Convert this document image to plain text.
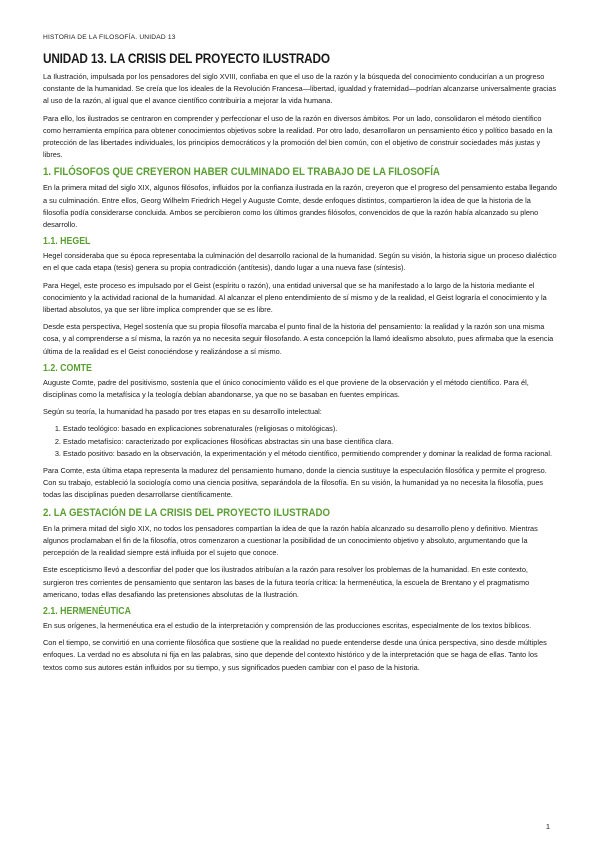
HISTORIA DE LA FILOSOFÍA. UNIDAD 13
UNIDAD 13. LA CRISIS DEL PROYECTO ILUSTRADO

La Ilustración, impulsada por los pensadores del siglo XVIII, confiaba en que el uso de la razón y la búsqueda del conocimiento conducirían a un progreso constante de la humanidad. Se creía que los ideales de la Revolución Francesa—libertad, igualdad y fraternidad—podrían alcanzarse universalmente gracias al uso de la razón, al igual que el avance científico contribuiría a mejorar la vida humana.

Para ello, los ilustrados se centraron en comprender y perfeccionar el uso de la razón en diversos ámbitos. Por un lado, consolidaron el método científico como herramienta empírica para obtener conocimientos objetivos sobre la realidad. Por otro lado, desarrollaron un pensamiento ético y político basado en la protección de las libertades individuales, los principios democráticos y la promoción del bien común, con el objetivo de construir sociedades más justas y libres.

1. FILÓSOFOS QUE CREYERON HABER CULMINADO EL TRABAJO DE LA FILOSOFÍA

En la primera mitad del siglo XIX, algunos filósofos, influidos por la confianza ilustrada en la razón, creyeron que el progreso del pensamiento estaba llegando a su culminación. Entre ellos, Georg Wilhelm Friedrich Hegel y Auguste Comte, desde enfoques distintos, compartieron la idea de que la historia de la filosofía podía considerarse concluida. Ambos se percibieron como los últimos grandes filósofos, convencidos de que la razón había alcanzado su pleno desarrollo.

1.1. HEGEL

Hegel consideraba que su época representaba la culminación del desarrollo racional de la humanidad. Según su visión, la historia sigue un proceso dialéctico en el que cada etapa (tesis) genera su propia contradicción (antítesis), dando lugar a una nueva fase (síntesis).

Para Hegel, este proceso es impulsado por el Geist (espíritu o razón), una entidad universal que se ha manifestado a lo largo de la historia mediante el conocimiento y la actividad racional de la humanidad. Al alcanzar el pleno entendimiento de sí mismo y de la realidad, el Geist lograría el conocimiento y la libertad absolutos, ya que ser libre implica comprender que se es libre.

Desde esta perspectiva, Hegel sostenía que su propia filosofía marcaba el punto final de la historia del pensamiento: la realidad y la razón son una misma cosa, y al comprenderse a sí misma, la razón ya no necesita seguir filosofando. A esta concepción la llamó idealismo absoluto, pues afirmaba que la esencia última de la realidad es el Geist conociéndose y realizándose a sí mismo.

1.2. COMTE

Auguste Comte, padre del positivismo, sostenía que el único conocimiento válido es el que proviene de la observación y el método científico. Para él, disciplinas como la metafísica y la teología debían abandonarse, ya que no se basaban en fuentes empíricas.

Según su teoría, la humanidad ha pasado por tres etapas en su desarrollo intelectual:

1. Estado teológico: basado en explicaciones sobrenaturales (religiosas o mitológicas).
2. Estado metafísico: caracterizado por explicaciones filosóficas abstractas sin una base científica clara.
3. Estado positivo: basado en la observación, la experimentación y el método científico, permitiendo comprender y dominar la realidad de forma racional.

Para Comte, esta última etapa representa la madurez del pensamiento humano, donde la ciencia sustituye la especulación filosófica y permite el progreso. Con su trabajo, estableció la sociología como una ciencia positiva, separándola de la filosofía. En su visión, la humanidad ya no necesita la filosofía, pues todas las disciplinas pueden desarrollarse científicamente.

2. LA GESTACIÓN DE LA CRISIS DEL PROYECTO ILUSTRADO

En la primera mitad del siglo XIX, no todos los pensadores compartían la idea de que la razón había alcanzado su desarrollo pleno y definitivo. Mientras algunos proclamaban el fin de la filosofía, otros comenzaron a cuestionar la posibilidad de un conocimiento objetivo y absoluto, argumentando que la percepción de la realidad siempre está influida por el sujeto que conoce.

Este escepticismo llevó a desconfiar del poder que los ilustrados atribuían a la razón para resolver los problemas de la humanidad. En este contexto, surgieron tres corrientes de pensamiento que sentaron las bases de la futura teoría crítica: la hermenéutica, la escuela de Brentano y el pragmatismo americano, todas ellas desafiando las pretensiones absolutas de la Ilustración.

2.1. HERMENÉUTICA

En sus orígenes, la hermenéutica era el estudio de la interpretación y comprensión de las producciones escritas, especialmente de los textos bíblicos.

Con el tiempo, se convirtió en una corriente filosófica que sostiene que la realidad no puede entenderse desde una única perspectiva, sino desde múltiples enfoques. La verdad no es absoluta ni fija en las palabras, sino que depende del contexto histórico y de la interpretación que se haga de ellas. Tanto los textos como sus autores están influidos por su tiempo, y sus significados pueden cambiar con el paso de la historia.

1
